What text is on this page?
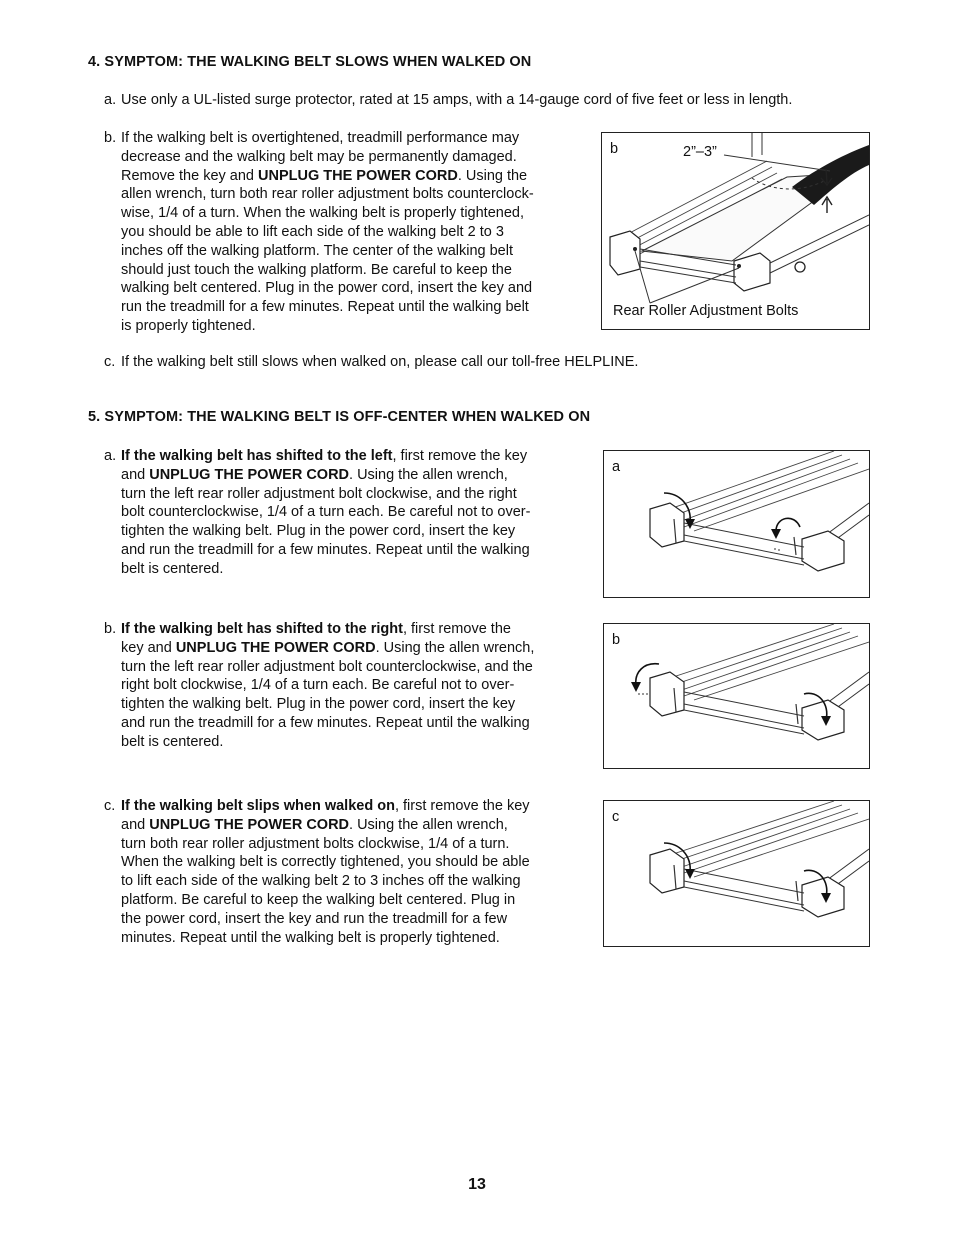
4. SYMPTOM: THE WALKING BELT SLOWS WHEN WALKED ON
a. Use only a UL-listed surge protector, rated at 15 amps, with a 14-gauge cord of five feet or less in length.
b. If the walking belt is overtightened, treadmill performance may
decrease and the walking belt may be permanently damaged.
Remove the key and UNPLUG THE POWER CORD. Using the
allen wrench, turn both rear roller adjustment bolts counterclock-
wise, 1/4 of a turn. When the walking belt is properly tightened,
you should be able to lift each side of the walking belt 2 to 3
inches off the walking platform. The center of the walking belt
should just touch the walking platform. Be careful to keep the
walking belt centered. Plug in the power cord, insert the key and
run the treadmill for a few minutes. Repeat until the walking belt
is properly tightened.
b	2”–3”
Rear Roller Adjustment Bolts
c. If the walking belt still slows when walked on, please call our toll-free HELPLINE.
5. SYMPTOM: THE WALKING BELT IS OFF-CENTER WHEN WALKED ON
a. If the walking belt has shifted to the left, first remove the key
and UNPLUG THE POWER CORD. Using the allen wrench,
turn the left rear roller adjustment bolt clockwise, and the right
bolt counterclockwise, 1/4 of a turn each. Be careful not to over-
tighten the walking belt. Plug in the power cord, insert the key
and run the treadmill for a few minutes. Repeat until the walking
belt is centered.
b. If the walking belt has shifted to the right, first remove the
key and UNPLUG THE POWER CORD. Using the allen wrench,
turn the left rear roller adjustment bolt counterclockwise, and the
right bolt clockwise, 1/4 of a turn each. Be careful not to over-
tighten the walking belt. Plug in the power cord, insert the key
and run the treadmill for a few minutes. Repeat until the walking
belt is centered.
c. If the walking belt slips when walked on, first remove the key
and UNPLUG THE POWER CORD. Using the allen wrench,
turn both rear roller adjustment bolts clockwise, 1/4 of a turn.
When the walking belt is correctly tightened, you should be able
to lift each side of the walking belt 2 to 3 inches off the walking
platform. Be careful to keep the walking belt centered. Plug in
the power cord, insert the key and run the treadmill for a few
minutes. Repeat until the walking belt is properly tightened.
a
b
c
13
